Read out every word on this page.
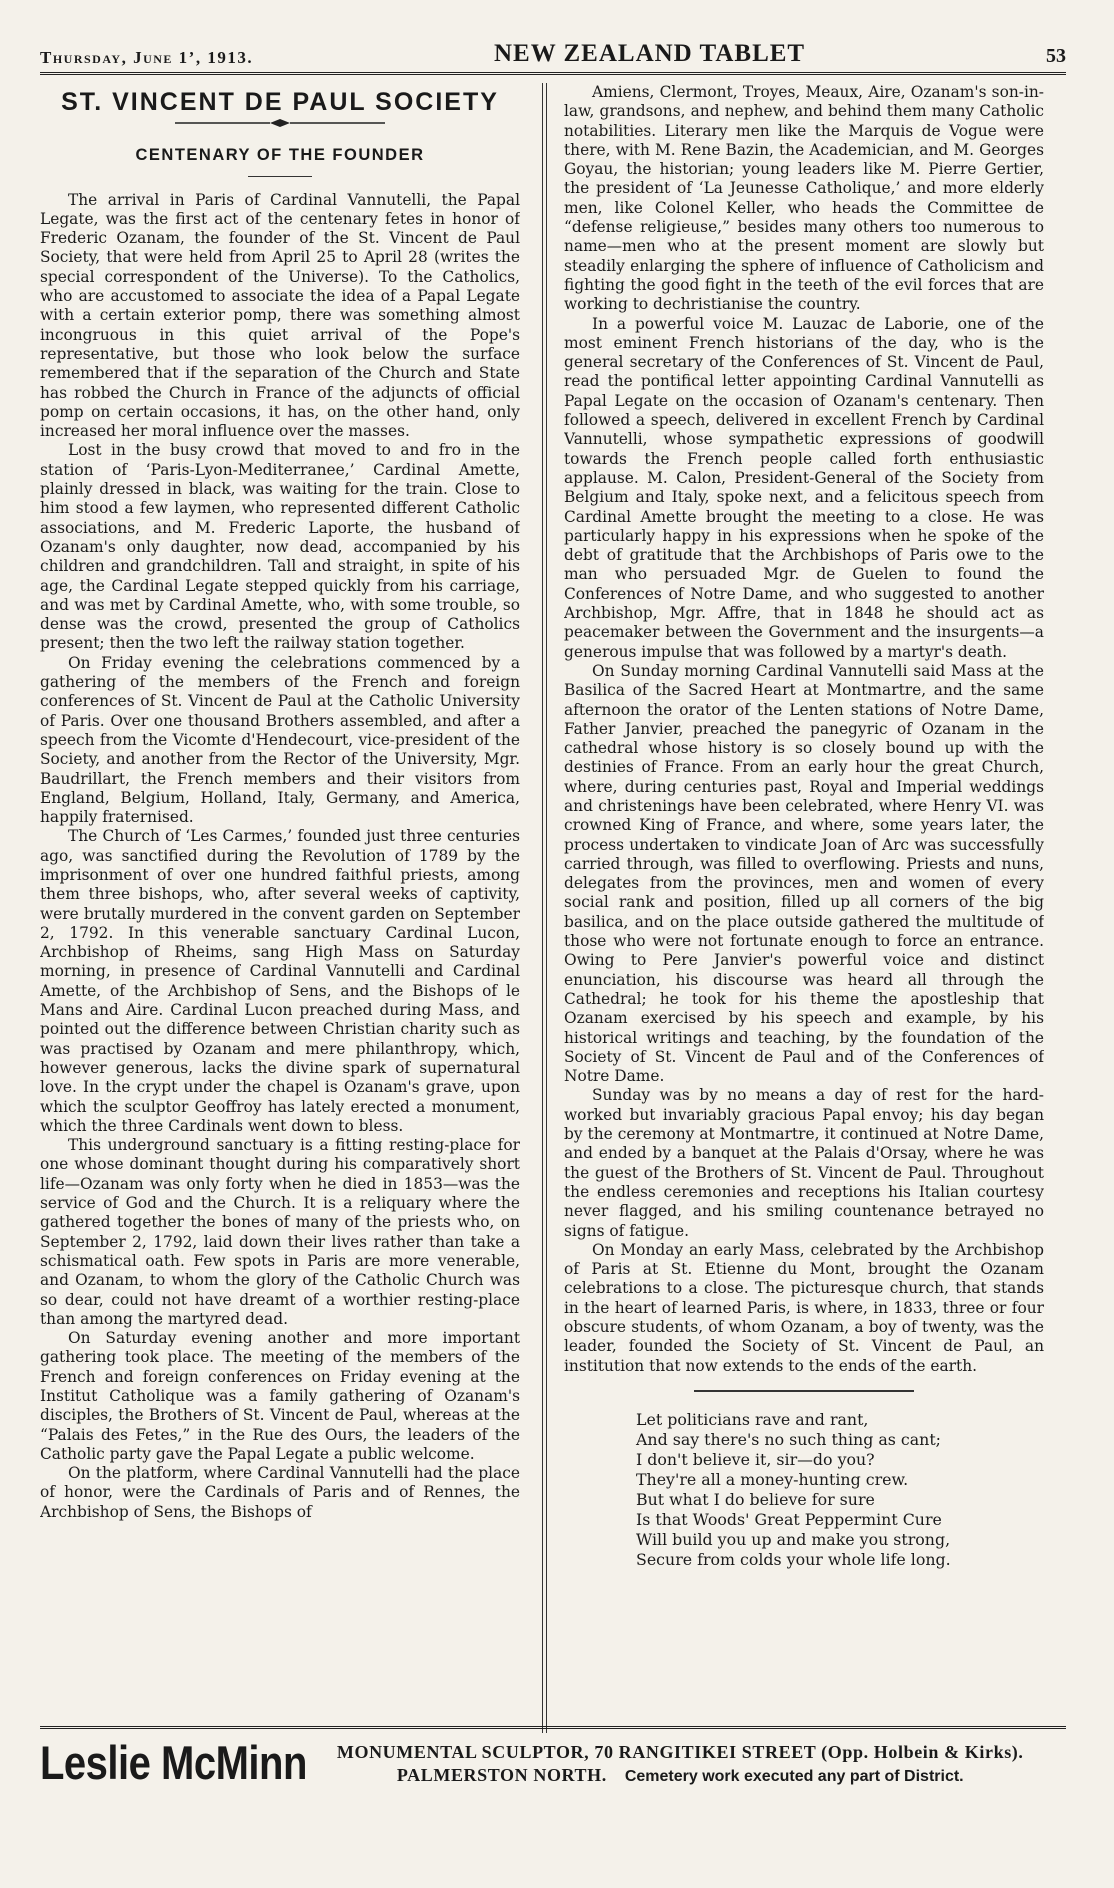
Thursday, June 1’, 1913.	NEW ZEALAND TABLET	53
ST. VINCENT DE PAUL SOCIETY
CENTENARY OF THE FOUNDER

The arrival in Paris of Cardinal Vannutelli, the Papal Legate, was the first act of the centenary fetes in honor of Frederic Ozanam, the founder of the St. Vincent de Paul Society, that were held from April 25 to April 28 (writes the special correspondent of the Universe). To the Catholics, who are accustomed to associate the idea of a Papal Legate with a certain exterior pomp, there was something almost incongruous in this quiet arrival of the Pope's representative, but those who look below the surface remembered that if the separation of the Church and State has robbed the Church in France of the adjuncts of official pomp on certain occasions, it has, on the other hand, only increased her moral influence over the masses.

Lost in the busy crowd that moved to and fro in the station of ‘Paris-Lyon-Mediterranee,’ Cardinal Amette, plainly dressed in black, was waiting for the train. Close to him stood a few laymen, who represented different Catholic associations, and M. Frederic Laporte, the husband of Ozanam's only daughter, now dead, accompanied by his children and grandchildren. Tall and straight, in spite of his age, the Cardinal Legate stepped quickly from his carriage, and was met by Cardinal Amette, who, with some trouble, so dense was the crowd, presented the group of Catholics present; then the two left the railway station together.

On Friday evening the celebrations commenced by a gathering of the members of the French and foreign conferences of St. Vincent de Paul at the Catholic University of Paris. Over one thousand Brothers assembled, and after a speech from the Vicomte d'Hendecourt, vice-president of the Society, and another from the Rector of the University, Mgr. Baudrillart, the French members and their visitors from England, Belgium, Holland, Italy, Germany, and America, happily fraternised.

The Church of ‘Les Carmes,’ founded just three centuries ago, was sanctified during the Revolution of 1789 by the imprisonment of over one hundred faithful priests, among them three bishops, who, after several weeks of captivity, were brutally murdered in the convent garden on September 2, 1792. In this venerable sanctuary Cardinal Lucon, Archbishop of Rheims, sang High Mass on Saturday morning, in presence of Cardinal Vannutelli and Cardinal Amette, of the Archbishop of Sens, and the Bishops of le Mans and Aire. Cardinal Lucon preached during Mass, and pointed out the difference between Christian charity such as was practised by Ozanam and mere philanthropy, which, however generous, lacks the divine spark of supernatural love. In the crypt under the chapel is Ozanam's grave, upon which the sculptor Geoffroy has lately erected a monument, which the three Cardinals went down to bless.

This underground sanctuary is a fitting resting-place for one whose dominant thought during his comparatively short life—Ozanam was only forty when he died in 1853—was the service of God and the Church. It is a reliquary where the gathered together the bones of many of the priests who, on September 2, 1792, laid down their lives rather than take a schismatical oath. Few spots in Paris are more venerable, and Ozanam, to whom the glory of the Catholic Church was so dear, could not have dreamt of a worthier resting-place than among the martyred dead.

On Saturday evening another and more important gathering took place. The meeting of the members of the French and foreign conferences on Friday evening at the Institut Catholique was a family gathering of Ozanam's disciples, the Brothers of St. Vincent de Paul, whereas at the “Palais des Fetes,” in the Rue des Ours, the leaders of the Catholic party gave the Papal Legate a public welcome.

On the platform, where Cardinal Vannutelli had the place of honor, were the Cardinals of Paris and of Rennes, the Archbishop of Sens, the Bishops of

Amiens, Clermont, Troyes, Meaux, Aire, Ozanam's son-in-law, grandsons, and nephew, and behind them many Catholic notabilities. Literary men like the Marquis de Vogue were there, with M. Rene Bazin, the Academician, and M. Georges Goyau, the historian; young leaders like M. Pierre Gertier, the president of ‘La Jeunesse Catholique,’ and more elderly men, like Colonel Keller, who heads the Committee de “defense religieuse,” besides many others too numerous to name—men who at the present moment are slowly but steadily enlarging the sphere of influence of Catholicism and fighting the good fight in the teeth of the evil forces that are working to dechristianise the country.

In a powerful voice M. Lauzac de Laborie, one of the most eminent French historians of the day, who is the general secretary of the Conferences of St. Vincent de Paul, read the pontifical letter appointing Cardinal Vannutelli as Papal Legate on the occasion of Ozanam's centenary. Then followed a speech, delivered in excellent French by Cardinal Vannutelli, whose sympathetic expressions of goodwill towards the French people called forth enthusiastic applause. M. Calon, President-General of the Society from Belgium and Italy, spoke next, and a felicitous speech from Cardinal Amette brought the meeting to a close. He was particularly happy in his expressions when he spoke of the debt of gratitude that the Archbishops of Paris owe to the man who persuaded Mgr. de Guelen to found the Conferences of Notre Dame, and who suggested to another Archbishop, Mgr. Affre, that in 1848 he should act as peacemaker between the Government and the insurgents—a generous impulse that was followed by a martyr's death.

On Sunday morning Cardinal Vannutelli said Mass at the Basilica of the Sacred Heart at Montmartre, and the same afternoon the orator of the Lenten stations of Notre Dame, Father Janvier, preached the panegyric of Ozanam in the cathedral whose history is so closely bound up with the destinies of France. From an early hour the great Church, where, during centuries past, Royal and Imperial weddings and christenings have been celebrated, where Henry VI. was crowned King of France, and where, some years later, the process undertaken to vindicate Joan of Arc was successfully carried through, was filled to overflowing. Priests and nuns, delegates from the provinces, men and women of every social rank and position, filled up all corners of the big basilica, and on the place outside gathered the multitude of those who were not fortunate enough to force an entrance. Owing to Pere Janvier's powerful voice and distinct enunciation, his discourse was heard all through the Cathedral; he took for his theme the apostleship that Ozanam exercised by his speech and example, by his historical writings and teaching, by the foundation of the Society of St. Vincent de Paul and of the Conferences of Notre Dame.

Sunday was by no means a day of rest for the hard-worked but invariably gracious Papal envoy; his day began by the ceremony at Montmartre, it continued at Notre Dame, and ended by a banquet at the Palais d'Orsay, where he was the guest of the Brothers of St. Vincent de Paul. Throughout the endless ceremonies and receptions his Italian courtesy never flagged, and his smiling countenance betrayed no signs of fatigue.

On Monday an early Mass, celebrated by the Archbishop of Paris at St. Etienne du Mont, brought the Ozanam celebrations to a close. The picturesque church, that stands in the heart of learned Paris, is where, in 1833, three or four obscure students, of whom Ozanam, a boy of twenty, was the leader, founded the Society of St. Vincent de Paul, an institution that now extends to the ends of the earth.

Let politicians rave and rant,
And say there's no such thing as cant;
I don't believe it, sir—do you?
They're all a money-hunting crew.
But what I do believe for sure
Is that Woods' Great Peppermint Cure
Will build you up and make you strong,
Secure from colds your whole life long.
Leslie McMinn MONUMENTAL SCULPTOR, 70 RANGITIKEI STREET (Opp. Holbein & Kirks).
PALMERSTON NORTH. Cemetery work executed any part of District.
